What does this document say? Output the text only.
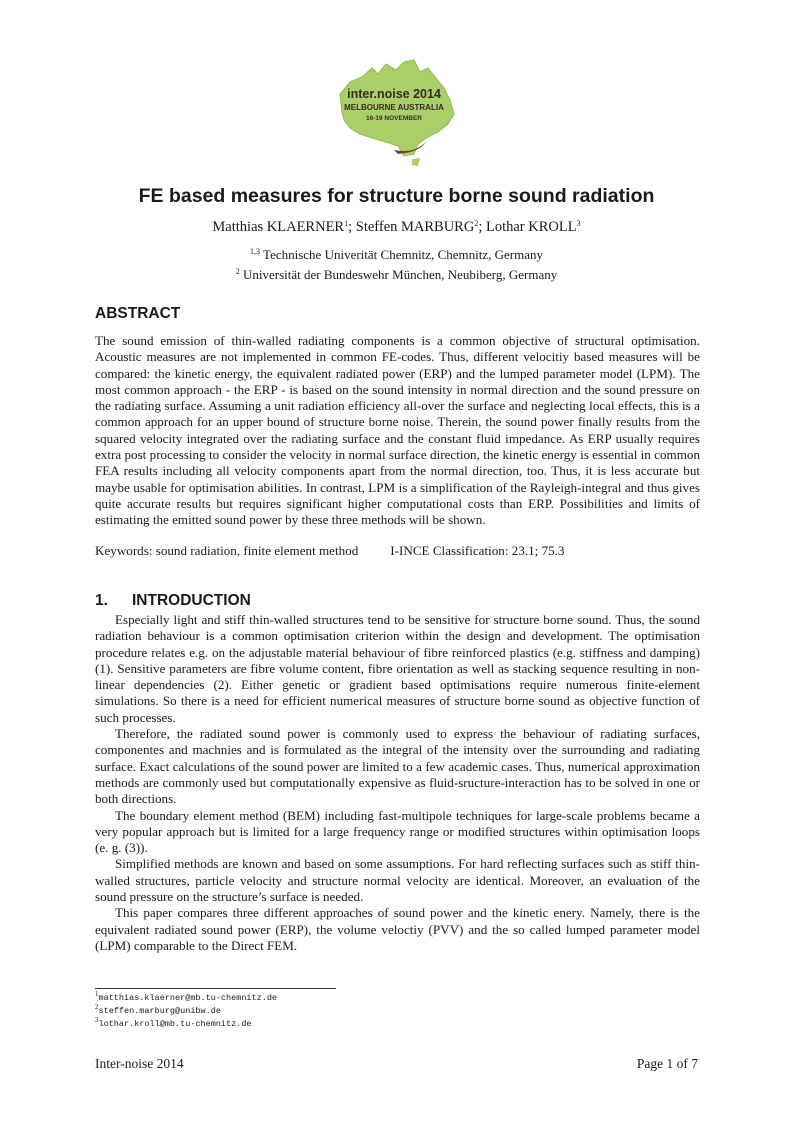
inter.noise 2014
MELBOURNE AUSTRALIA
16-19 NOVEMBER
FE based measures for structure borne sound radiation
Matthias KLAERNER$^1$; Steffen MARBURG$^2$; Lothar KROLL$^3$
$^{1,3}$ Technische Univerität Chemnitz, Chemnitz, Germany
$^2$ Universität der Bundeswehr München, Neubiberg, Germany
ABSTRACT

The sound emission of thin-walled radiating components is a common objective of structural optimisation. Acoustic measures are not implemented in common FE-codes. Thus, different velocitiy based measures will be compared: the kinetic energy, the equivalent radiated power (ERP) and the lumped parameter model (LPM). The most common approach - the ERP - is based on the sound intensity in normal direction and the sound pressure on the radiating surface. Assuming a unit radiation efficiency all-over the surface and neglecting local effects, this is a common approach for an upper bound of structure borne noise. Therein, the sound power finally results from the squared velocity integrated over the radiating surface and the constant fluid impedance. As ERP usually requires extra post processing to consider the velocity in normal surface direction, the kinetic energy is essential in common FEA results including all velocity components apart from the normal direction, too. Thus, it is less accurate but maybe usable for optimisation abilities. In contrast, LPM is a simplification of the Rayleigh-integral and thus gives quite accurate results but requires significant higher computational costs than ERP. Possibilities and limits of estimating the emitted sound power by these three methods will be shown.

Keywords: sound radiation, finite element method I-INCE Classification: 23.1; 75.3
1. INTRODUCTION

Especially light and stiff thin-walled structures tend to be sensitive for structure borne sound. Thus, the sound radiation behaviour is a common optimisation criterion within the design and development. The optimisation procedure relates e.g. on the adjustable material behaviour of fibre reinforced plastics (e.g. stiffness and damping) (1). Sensitive parameters are fibre volume content, fibre orientation as well as stacking sequence resulting in non-linear dependencies (2). Either genetic or gradient based optimisations require numerous finite-element simulations. So there is a need for efficient numerical measures of structure borne sound as objective function of such processes.

Therefore, the radiated sound power is commonly used to express the behaviour of radiating surfaces, componentes and machnies and is formulated as the integral of the intensity over the surrounding and radiating surface. Exact calculations of the sound power are limited to a few academic cases. Thus, numerical approximation methods are commonly used but computationally expensive as fluid-sructure-interaction has to be solved in one or both directions.

The boundary element method (BEM) including fast-multipole techniques for large-scale problems became a very popular approach but is limited for a large frequency range or modified structures within optimisation loops (e. g. (3)).

Simplified methods are known and based on some assumptions. For hard reflecting surfaces such as stiff thin-walled structures, particle velocity and structure normal velocity are identical. Moreover, an evaluation of the sound pressure on the structure’s surface is needed.

This paper compares three different approaches of sound power and the kinetic enery. Namely, there is the equivalent radiated sound power (ERP), the volume veloctiy (PVV) and the so called lumped parameter model (LPM) comparable to the Direct FEM.

$^1$matthias.klaerner@mb.tu-chemnitz.de
$^2$steffen.marburg@unibw.de
$^3$lothar.kroll@mb.tu-chemnitz.de
Inter-noise 2014	Page 1 of 7
